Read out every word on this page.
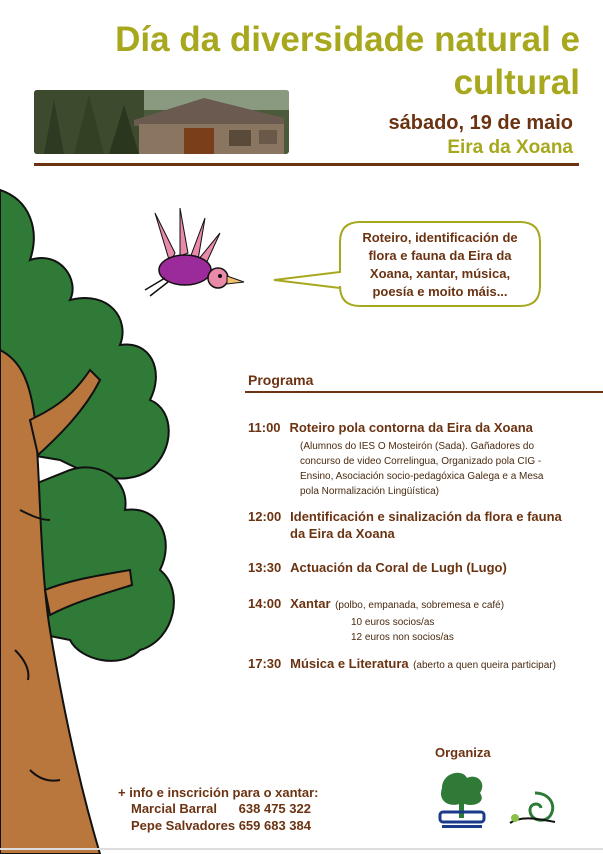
Día da diversidade natural e
cultural
sábado, 19 de maio
Eira da Xoana
Roteiro, identificación de
flora e fauna da Eira da
Xoana, xantar, música,
poesía e moito máis...
Programa
11:00 Roteiro pola contorna da Eira da Xoana
(Alumnos do IES O Mosteirón (Sada). Gañadores do
concurso de video Correlingua, Organizado pola CIG -
Ensino, Asociación socio-pedagóxica Galega e a Mesa
pola Normalización Lingüística)
12:00 Identificación e sinalización da flora e fauna
da Eira da Xoana
13:30 Actuación da Coral de Lugh (Lugo)
14:00 Xantar (polbo, empanada, sobremesa e café)
10 euros socios/as
12 euros non socios/as
17:30 Música e Literatura (aberto a quen queira participar)
Organiza
+ info e inscrición para o xantar:
Marcial Barral 638 475 322
Pepe Salvadores 659 683 384
